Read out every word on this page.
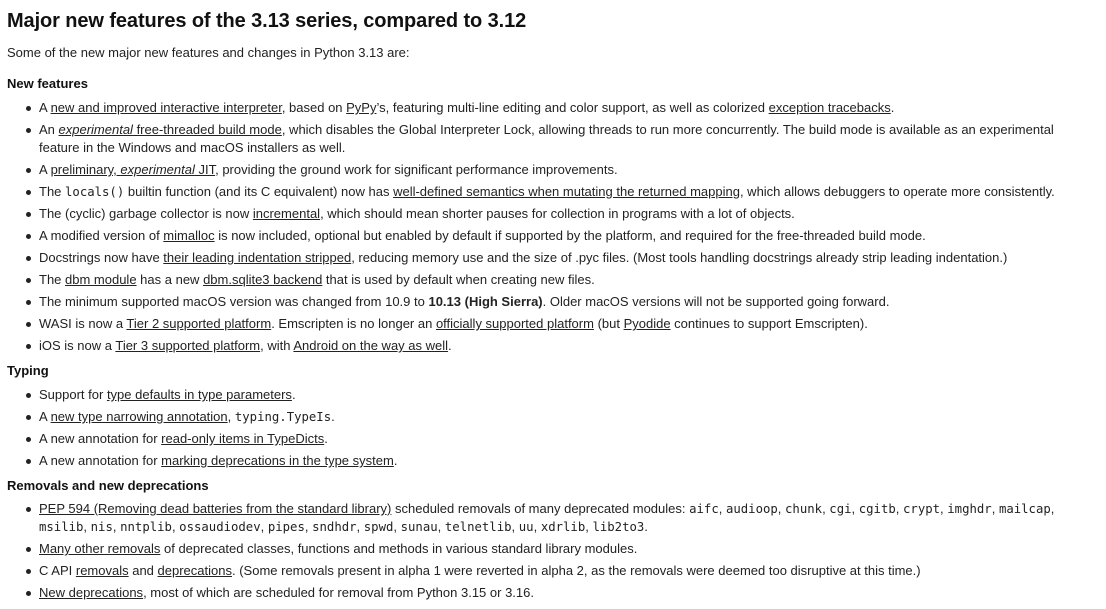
Major new features of the 3.13 series, compared to 3.12
Some of the new major new features and changes in Python 3.13 are:
New features
A new and improved interactive interpreter, based on PyPy’s, featuring multi-line editing and color support, as well as colorized exception tracebacks.
An experimental free-threaded build mode, which disables the Global Interpreter Lock, allowing threads to run more concurrently. The build mode is available as an experimental feature in the Windows and macOS installers as well.
A preliminary, experimental JIT, providing the ground work for significant performance improvements.
The locals() builtin function (and its C equivalent) now has well-defined semantics when mutating the returned mapping, which allows debuggers to operate more consistently.
The (cyclic) garbage collector is now incremental, which should mean shorter pauses for collection in programs with a lot of objects.
A modified version of mimalloc is now included, optional but enabled by default if supported by the platform, and required for the free-threaded build mode.
Docstrings now have their leading indentation stripped, reducing memory use and the size of .pyc files. (Most tools handling docstrings already strip leading indentation.)
The dbm module has a new dbm.sqlite3 backend that is used by default when creating new files.
The minimum supported macOS version was changed from 10.9 to 10.13 (High Sierra). Older macOS versions will not be supported going forward.
WASI is now a Tier 2 supported platform. Emscripten is no longer an officially supported platform (but Pyodide continues to support Emscripten).
iOS is now a Tier 3 supported platform, with Android on the way as well.
Typing
Support for type defaults in type parameters.
A new type narrowing annotation, typing.TypeIs.
A new annotation for read-only items in TypeDicts.
A new annotation for marking deprecations in the type system.
Removals and new deprecations
PEP 594 (Removing dead batteries from the standard library) scheduled removals of many deprecated modules: aifc, audioop, chunk, cgi, cgitb, crypt, imghdr, mailcap, msilib, nis, nntplib, ossaudiodev, pipes, sndhdr, spwd, sunau, telnetlib, uu, xdrlib, lib2to3.
Many other removals of deprecated classes, functions and methods in various standard library modules.
C API removals and deprecations. (Some removals present in alpha 1 were reverted in alpha 2, as the removals were deemed too disruptive at this time.)
New deprecations, most of which are scheduled for removal from Python 3.15 or 3.16.
